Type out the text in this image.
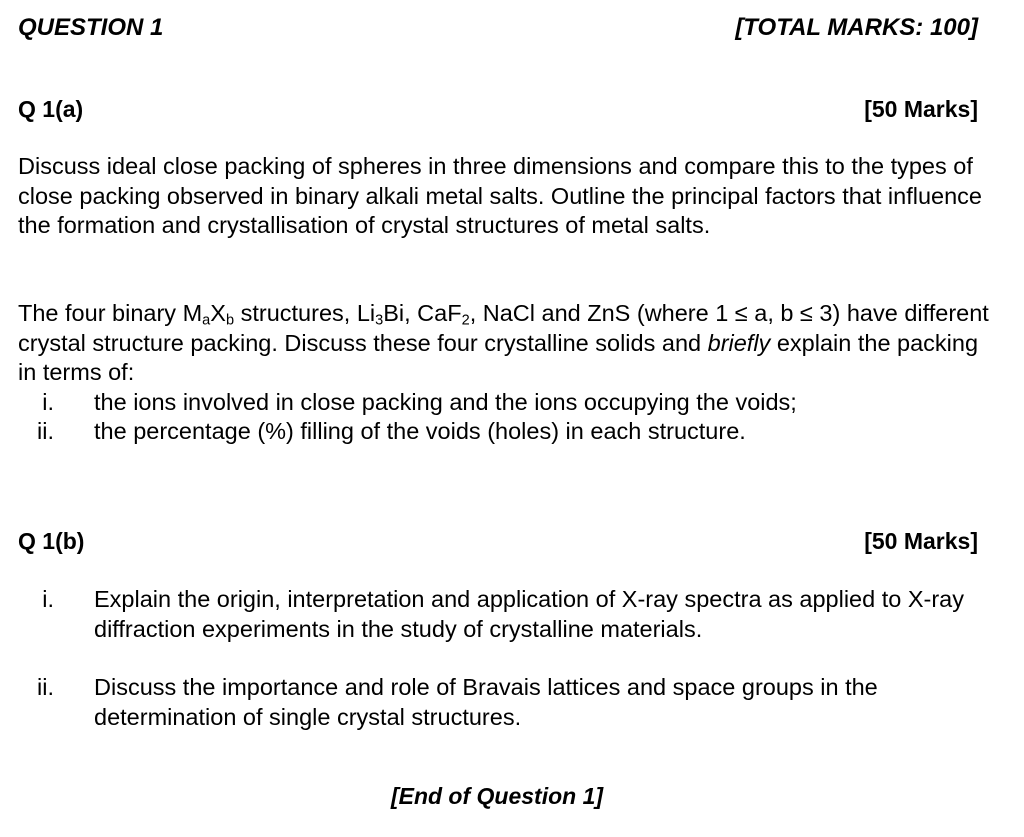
QUESTION 1	[TOTAL MARKS: 100]
Q 1(a)	[50 Marks]
Discuss ideal close packing of spheres in three dimensions and compare this to the types of close packing observed in binary alkali metal salts. Outline the principal factors that influence the formation and crystallisation of crystal structures of metal salts.
The four binary $M_aX_b$ structures, $Li_3Bi$, CaF$_2$, NaCl and ZnS (where 1 ≤ a, b ≤ 3) have different crystal structure packing. Discuss these four crystalline solids and briefly explain the packing in terms of:
i. the ions involved in close packing and the ions occupying the voids;
ii. the percentage (%) filling of the voids (holes) in each structure.
Q 1(b)	[50 Marks]
i. Explain the origin, interpretation and application of X-ray spectra as applied to X-ray diffraction experiments in the study of crystalline materials.
ii. Discuss the importance and role of Bravais lattices and space groups in the determination of single crystal structures.
[End of Question 1]
